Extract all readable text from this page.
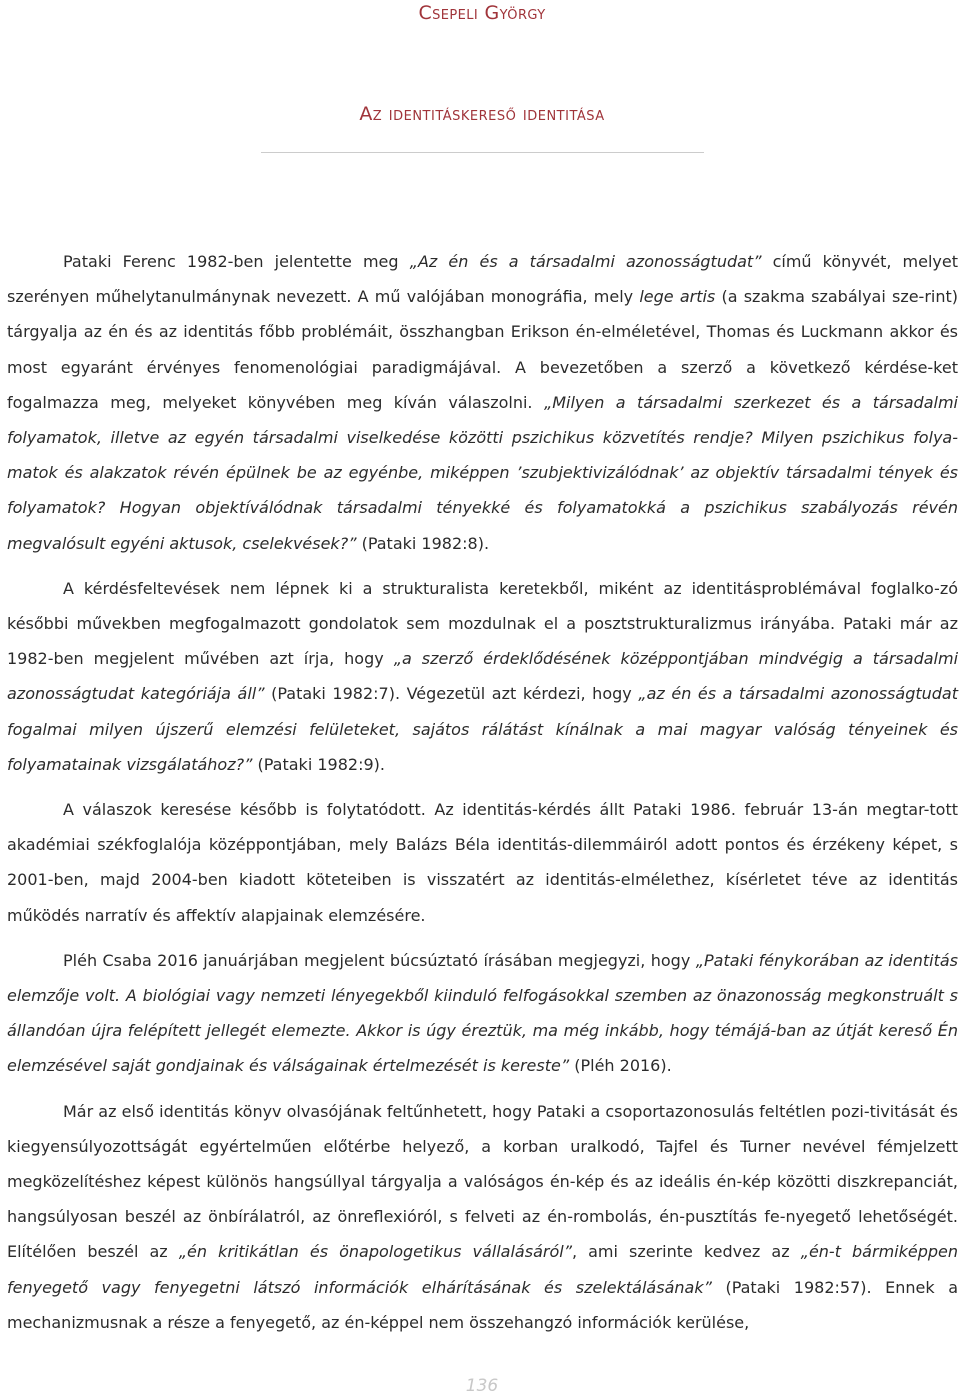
Csepeli György
Az identitáskereső identitása

Pataki Ferenc 1982-ben jelentette meg „Az én és a társadalmi azonosságtudat” című könyvét, melyet szerényen műhelytanulmánynak nevezett. A mű valójában monográfia, mely lege artis (a szakma szabályai sze-rint) tárgyalja az én és az identitás főbb problémáit, összhangban Erikson én-elméletével, Thomas és Luckmann akkor és most egyaránt érvényes fenomenológiai paradigmájával. A bevezetőben a szerző a következő kérdése-ket fogalmazza meg, melyeket könyvében meg kíván válaszolni. „Milyen a társadalmi szerkezet és a társadalmi folyamatok, illetve az egyén társadalmi viselkedése közötti pszichikus közvetítés rendje? Milyen pszichikus folya-matok és alakzatok révén épülnek be az egyénbe, miképpen ’szubjektivizálódnak’ az objektív társadalmi tények és folyamatok? Hogyan objektíválódnak társadalmi tényekké és folyamatokká a pszichikus szabályozás révén megvalósult egyéni aktusok, cselekvések?” (Pataki 1982:8).

A kérdésfeltevések nem lépnek ki a strukturalista keretekből, miként az identitásproblémával foglalko-zó későbbi művekben megfogalmazott gondolatok sem mozdulnak el a posztstrukturalizmus irányába. Pataki már az 1982-ben megjelent művében azt írja, hogy „a szerző érdeklődésének középpontjában mindvégig a társadalmi azonosságtudat kategóriája áll” (Pataki 1982:7). Végezetül azt kérdezi, hogy „az én és a társadalmi azonosságtudat fogalmai milyen újszerű elemzési felületeket, sajátos rálátást kínálnak a mai magyar valóság tényeinek és folyamatainak vizsgálatához?” (Pataki 1982:9).

A válaszok keresése később is folytatódott. Az identitás-kérdés állt Pataki 1986. február 13-án megtar-tott akadémiai székfoglalója középpontjában, mely Balázs Béla identitás-dilemmáiról adott pontos és érzékeny képet, s 2001-ben, majd 2004-ben kiadott köteteiben is visszatért az identitás-elmélethez, kísérletet téve az identitás működés narratív és affektív alapjainak elemzésére.

Pléh Csaba 2016 januárjában megjelent búcsúztató írásában megjegyzi, hogy „Pataki fénykorában az identitás elemzője volt. A biológiai vagy nemzeti lényegekből kiinduló felfogásokkal szemben az önazonosság megkonstruált s állandóan újra felépített jellegét elemezte. Akkor is úgy éreztük, ma még inkább, hogy témájá-ban az útját kereső Én elemzésével saját gondjainak és válságainak értelmezését is kereste” (Pléh 2016).

Már az első identitás könyv olvasójának feltűnhetett, hogy Pataki a csoportazonosulás feltétlen pozi-tivitását és kiegyensúlyozottságát egyértelműen előtérbe helyező, a korban uralkodó, Tajfel és Turner nevével fémjelzett megközelítéshez képest különös hangsúllyal tárgyalja a valóságos én-kép és az ideális én-kép közötti diszkrepanciát, hangsúlyosan beszél az önbírálatról, az önreflexióról, s felveti az én-rombolás, én-pusztítás fe-nyegető lehetőségét. Elítélően beszél az „én kritikátlan és önapologetikus vállalásáról”, ami szerinte kedvez az „én-t bármiképpen fenyegető vagy fenyegetni látszó információk elhárításának és szelektálásának” (Pataki 1982:57). Ennek a mechanizmusnak a része a fenyegető, az én-képpel nem összehangzó információk kerülése,

136
